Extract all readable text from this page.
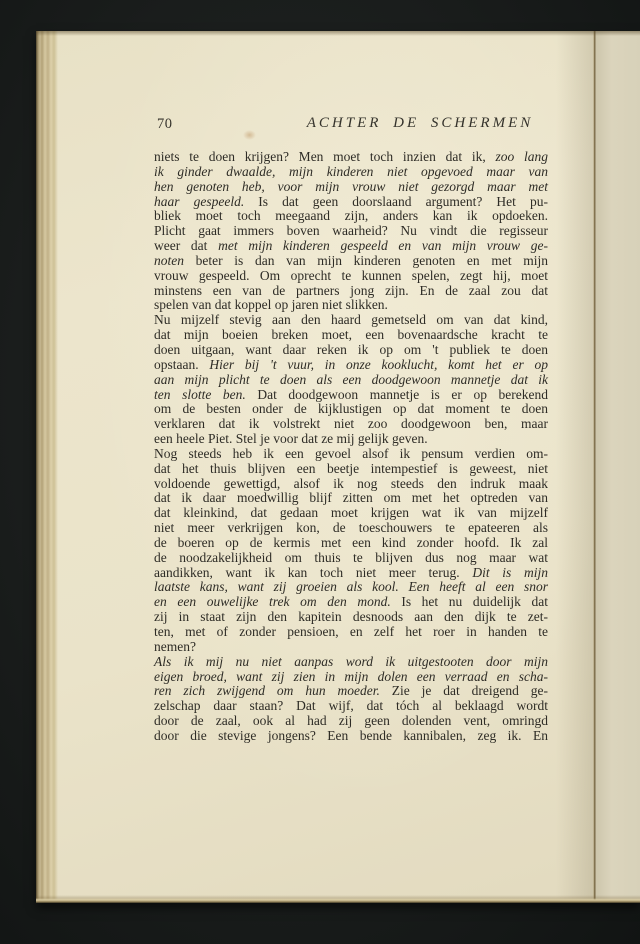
70	ACHTER DE SCHERMEN
niets te doen krijgen? Men moet toch inzien dat ik, zoo lang
ik ginder dwaalde, mijn kinderen niet opgevoed maar van
hen genoten heb, voor mijn vrouw niet gezorgd maar met
haar gespeeld. Is dat geen doorslaand argument? Het pu-
bliek moet toch meegaand zijn, anders kan ik opdoeken.
Plicht gaat immers boven waarheid? Nu vindt die regisseur
weer dat met mijn kinderen gespeeld en van mijn vrouw ge-
noten beter is dan van mijn kinderen genoten en met mijn
vrouw gespeeld. Om oprecht te kunnen spelen, zegt hij, moet
minstens een van de partners jong zijn. En de zaal zou dat
spelen van dat koppel op jaren niet slikken.
Nu mijzelf stevig aan den haard gemetseld om van dat kind,
dat mijn boeien breken moet, een bovenaardsche kracht te
doen uitgaan, want daar reken ik op om 't publiek te doen
opstaan. Hier bij 't vuur, in onze kooklucht, komt het er op
aan mijn plicht te doen als een doodgewoon mannetje dat ik
ten slotte ben. Dat doodgewoon mannetje is er op berekend
om de besten onder de kijklustigen op dat moment te doen
verklaren dat ik volstrekt niet zoo doodgewoon ben, maar
een heele Piet. Stel je voor dat ze mij gelijk geven.
Nog steeds heb ik een gevoel alsof ik pensum verdien om-
dat het thuis blijven een beetje intempestief is geweest, niet
voldoende gewettigd, alsof ik nog steeds den indruk maak
dat ik daar moedwillig blijf zitten om met het optreden van
dat kleinkind, dat gedaan moet krijgen wat ik van mijzelf
niet meer verkrijgen kon, de toeschouwers te epateeren als
de boeren op de kermis met een kind zonder hoofd. Ik zal
de noodzakelijkheid om thuis te blijven dus nog maar wat
aandikken, want ik kan toch niet meer terug. Dit is mijn
laatste kans, want zij groeien als kool. Een heeft al een snor
en een ouwelijke trek om den mond. Is het nu duidelijk dat
zij in staat zijn den kapitein desnoods aan den dijk te zet-
ten, met of zonder pensioen, en zelf het roer in handen te
nemen?
Als ik mij nu niet aanpas word ik uitgestooten door mijn
eigen broed, want zij zien in mijn dolen een verraad en scha-
ren zich zwijgend om hun moeder. Zie je dat dreigend ge-
zelschap daar staan? Dat wijf, dat tóch al beklaagd wordt
door de zaal, ook al had zij geen dolenden vent, omringd
door die stevige jongens? Een bende kannibalen, zeg ik. En
